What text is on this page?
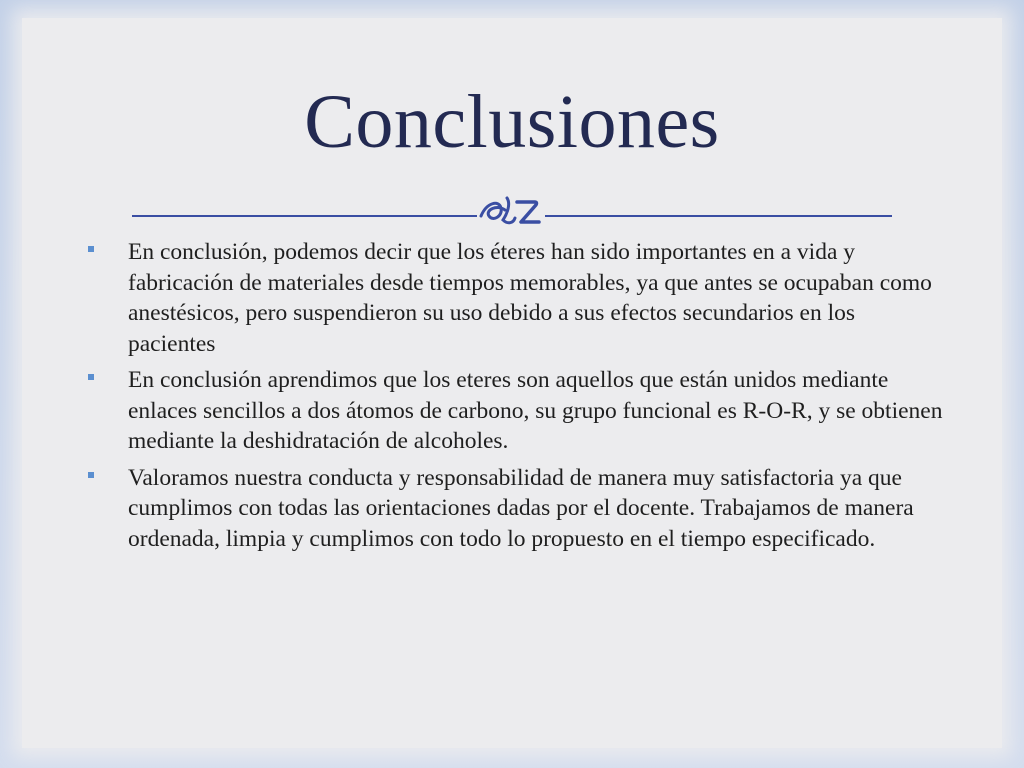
Conclusiones
En conclusión, podemos decir que los éteres han sido importantes en a vida y fabricación de materiales desde tiempos memorables, ya que antes se ocupaban como anestésicos, pero suspendieron su uso debido a sus efectos secundarios en los pacientes
En conclusión aprendimos que los eteres son aquellos que están unidos mediante enlaces sencillos a dos átomos de carbono, su grupo funcional es R-O-R, y se obtienen mediante la deshidratación de alcoholes.
Valoramos nuestra conducta y responsabilidad de manera muy satisfactoria ya que cumplimos con todas las orientaciones dadas por el docente. Trabajamos de manera ordenada, limpia y cumplimos con todo lo propuesto en el tiempo especificado.
